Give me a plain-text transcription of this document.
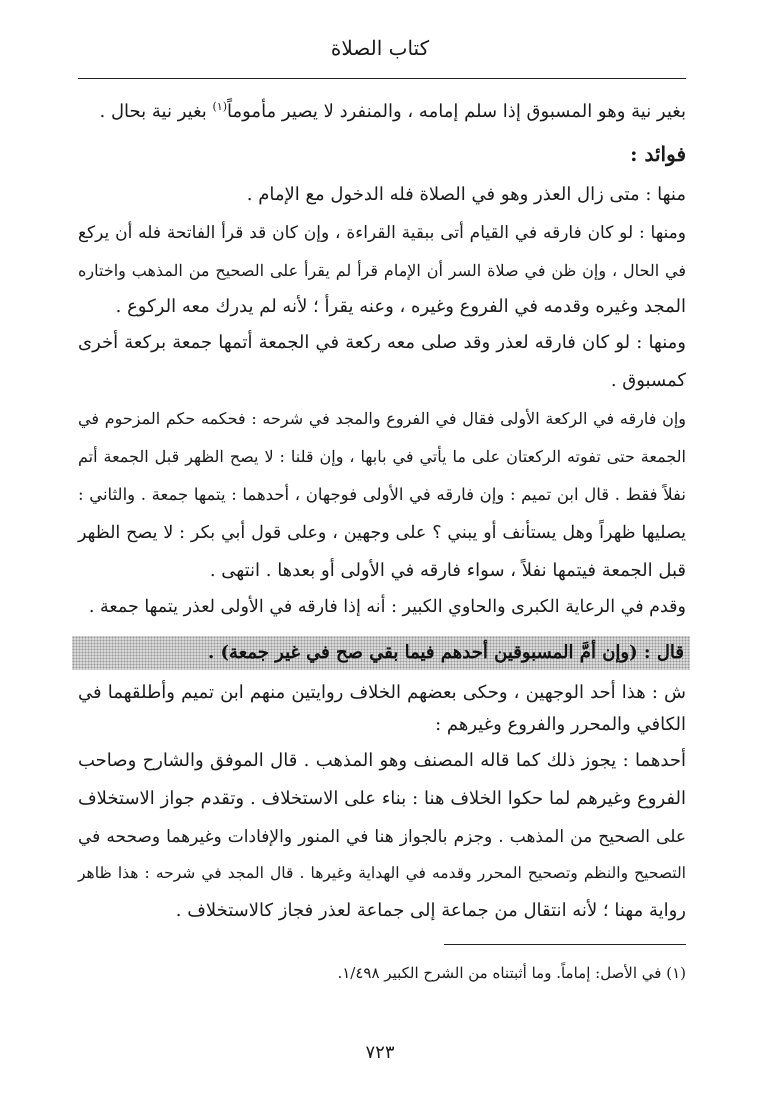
كتاب الصلاة
بغير نية وهو المسبوق إذا سلم إمامه ، والمنفرد لا يصير مأموماً$^{(١)}$ بغير نية بحال .
فوائد :
منها : متى زال العذر وهو في الصلاة فله الدخول مع الإمام .
ومنها : لو كان فارقه في القيام أتى ببقية القراءة ، وإن كان قد قرأ الفاتحة فله أن يركع
في الحال ، وإن ظن في صلاة السر أن الإمام قرأ لم يقرأ على الصحيح من المذهب واختاره
المجد وغيره وقدمه في الفروع وغيره ، وعنه يقرأ ؛ لأنه لم يدرك معه الركوع .
ومنها : لو كان فارقه لعذر وقد صلى معه ركعة في الجمعة أتمها جمعة بركعة أخرى
كمسبوق .
وإن فارقه في الركعة الأولى فقال في الفروع والمجد في شرحه : فحكمه حكم المزحوم في
الجمعة حتى تفوته الركعتان على ما يأتي في بابها ، وإن قلنا : لا يصح الظهر قبل الجمعة أتم
نفلاً فقط . قال ابن تميم : وإن فارقه في الأولى فوجهان ، أحدهما : يتمها جمعة . والثاني :
يصليها ظهراً وهل يستأنف أو يبني ؟ على وجهين ، وعلى قول أبي بكر : لا يصح الظهر
قبل الجمعة فيتمها نفلاً ، سواء فارقه في الأولى أو بعدها . انتهى .
وقدم في الرعاية الكبرى والحاوي الكبير : أنه إذا فارقه في الأولى لعذر يتمها جمعة .
قال : (وإن أمَّ المسبوقين أحدهم فيما بقي صح في غير جمعة) .
ش : هذا أحد الوجهين ، وحكى بعضهم الخلاف روايتين منهم ابن تميم وأطلقهما في
الكافي والمحرر والفروع وغيرهم :
أحدهما : يجوز ذلك كما قاله المصنف وهو المذهب . قال الموفق والشارح وصاحب
الفروع وغيرهم لما حكوا الخلاف هنا : بناء على الاستخلاف . وتقدم جواز الاستخلاف
على الصحيح من المذهب . وجزم بالجواز هنا في المنور والإفادات وغيرهما وصححه في
التصحيح والنظم وتصحيح المحرر وقدمه في الهداية وغيرها . قال المجد في شرحه : هذا ظاهر
رواية مهنا ؛ لأنه انتقال من جماعة إلى جماعة لعذر فجاز كالاستخلاف .
(١) في الأصل: إماماً. وما أثبتناه من الشرح الكبير ١/٤٩٨.
٧٢٣
